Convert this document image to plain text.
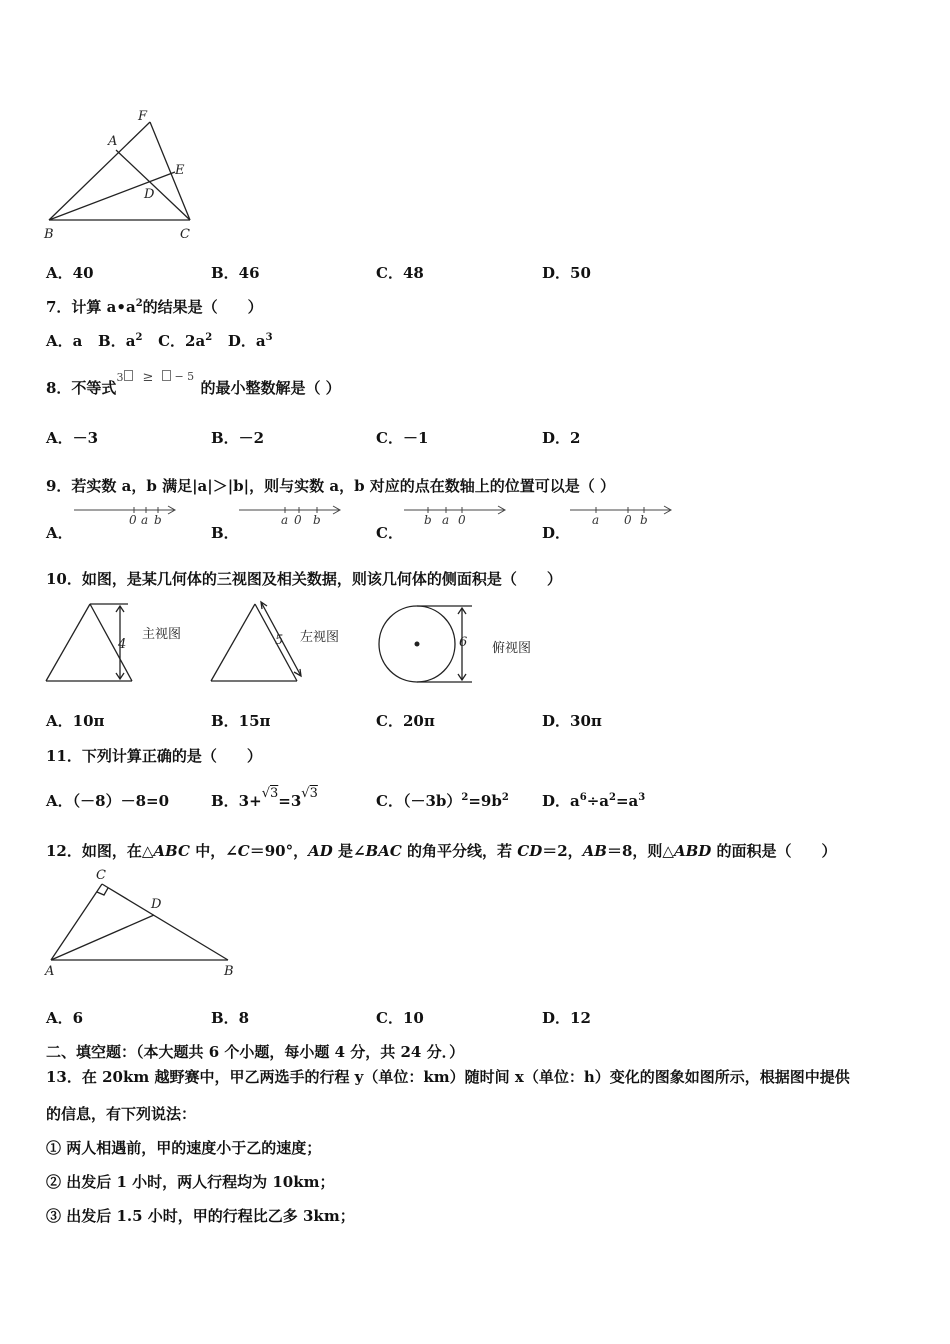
F
A
E
D
B	C
A．40	B．46	C．48	D．50
7．计算 $a•a^2$的结果是（　　）
A．a B．$a^2$ C．$2a^2$ D．$a^3$
8．不等式
3 ≥ − 5
的最小整数解是（ ）
A．－3	B．－2	C．－1	D．2
9．若实数 a，b 满足|a|＞|b|，则与实数 a，b 对应的点在数轴上的位置可以是（ ）
A．
0 a b
B．
a 0 b
C．
b a 0
D．
a 0 b
10．如图，是某几何体的三视图及相关数据，则该几何体的侧面积是（　　）
4
主视图	5 左视图	6 俯视图
A．10π	B．15π	C．20π	D．30π
11．下列计算正确的是（　　）
A．（－8）－8=0	B．3+√3=3√3	C．$(-3b)^2=9b^2$ D．$a^6\div a^2=a^3$
12．如图，在△ABC 中，∠C＝90°，AD 是∠BAC 的角平分线，若 CD＝2，AB＝8，则△ABD 的面积是（　　）
C
D
A	B
A．6	B．8	C．10	D．12
二、填空题：（本大题共 6 个小题，每小题 4 分，共 24 分．）
13．在 20km 越野赛中，甲乙两选手的行程 y（单位：km）随时间 x（单位：h）变化的图象如图所示，根据图中提供
的信息，有下列说法：
① 两人相遇前，甲的速度小于乙的速度；
② 出发后 1 小时，两人行程均为 10km；
③ 出发后 1.5 小时，甲的行程比乙多 3km；
